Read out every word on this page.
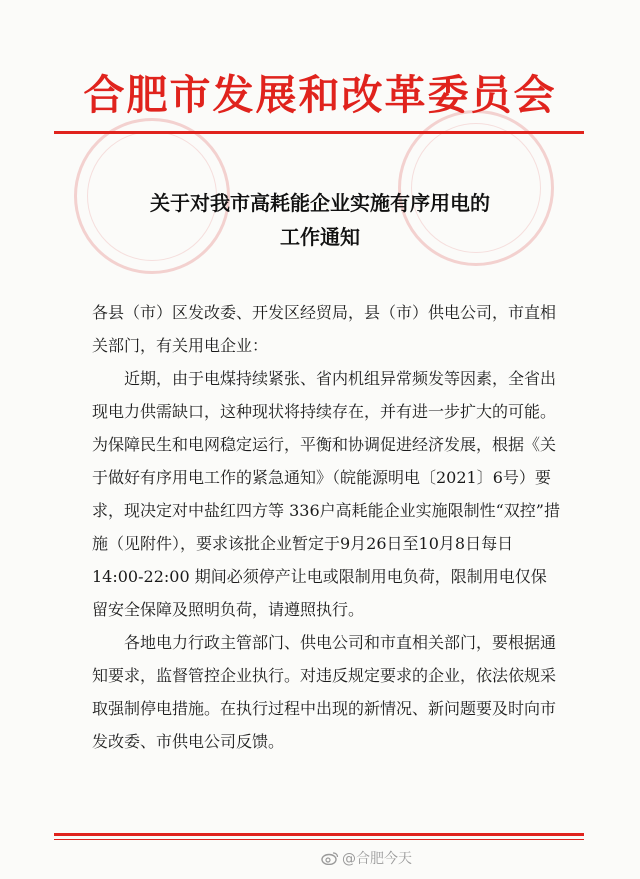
合肥市发展和改革委员会
关于对我市高耗能企业实施有序用电的
工作通知

各县（市）区发改委、开发区经贸局，县（市）供电公司，市直相关部门，有关用电企业：

近期，由于电煤持续紧张、省内机组异常频发等因素，全省出现电力供需缺口，这种现状将持续存在，并有进一步扩大的可能。为保障民生和电网稳定运行，平衡和协调促进经济发展，根据《关于做好有序用电工作的紧急通知》（皖能源明电〔2021〕6号）要求，现决定对中盐红四方等 336户高耗能企业实施限制性“双控”措施（见附件），要求该批企业暂定于9月26日至10月8日每日 14:00-22:00 期间必须停产让电或限制用电负荷，限制用电仅保留安全保障及照明负荷，请遵照执行。

各地电力行政主管部门、供电公司和市直相关部门，要根据通知要求，监督管控企业执行。对违反规定要求的企业，依法依规采取强制停电措施。在执行过程中出现的新情况、新问题要及时向市发改委、市供电公司反馈。

@合肥今天
